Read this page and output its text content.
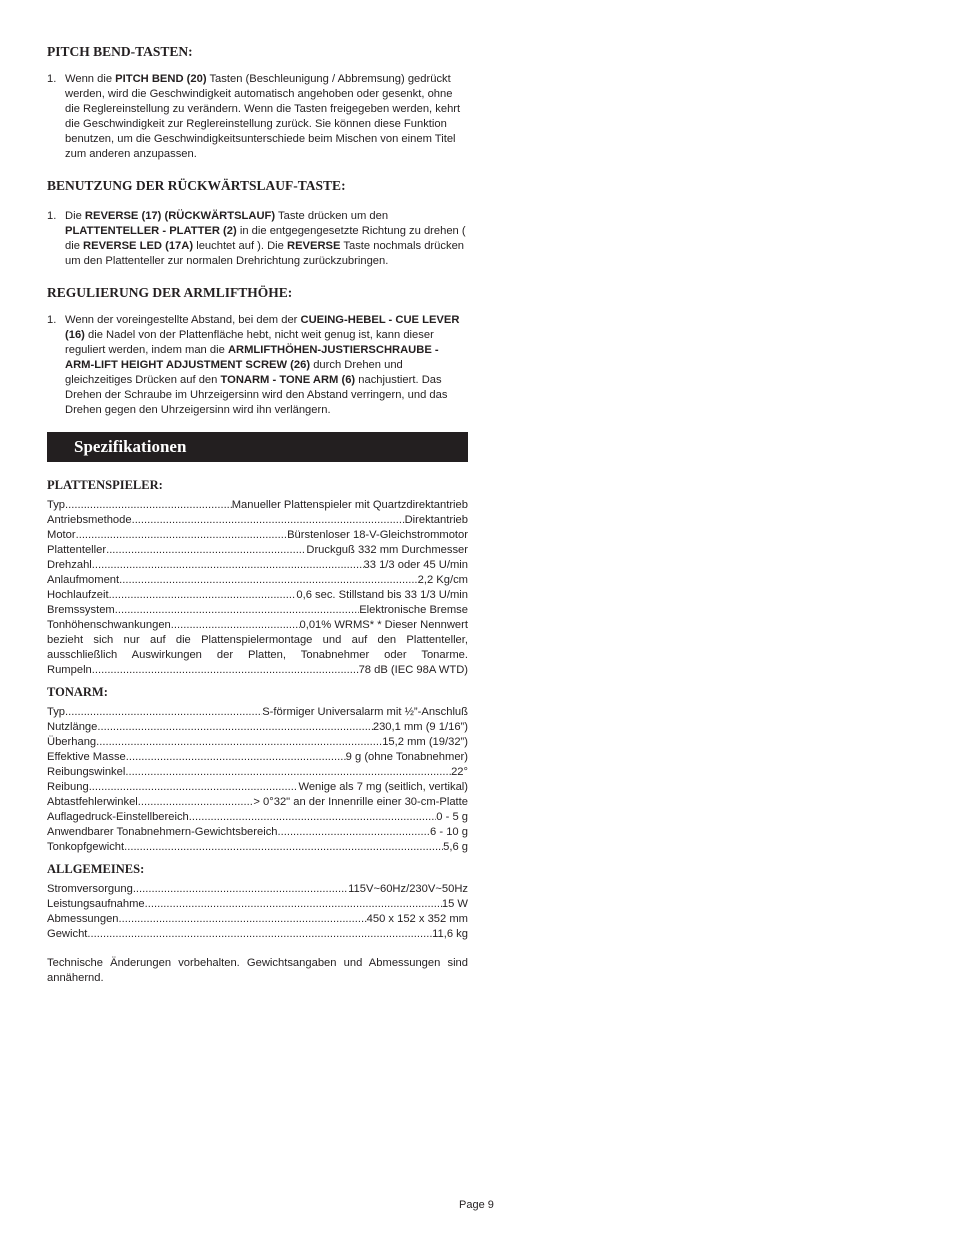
PITCH BEND-TASTEN:

1. Wenn die PITCH BEND (20) Tasten (Beschleunigung / Abbremsung) gedrückt werden, wird die Geschwindigkeit automatisch angehoben oder gesenkt, ohne die Reglereinstellung zu verändern. Wenn die Tasten freigegeben werden, kehrt die Geschwindigkeit zur Reglereinstellung zurück. Sie können diese Funktion benutzen, um die Geschwindigkeitsunterschiede beim Mischen von einem Titel zum anderen anzupassen.

BENUTZUNG DER RÜCKWÄRTSLAUF-TASTE:

1. Die REVERSE (17) (RÜCKWÄRTSLAUF) Taste drücken um den PLATTENTELLER - PLATTER (2) in die entgegengesetzte Richtung zu drehen ( die REVERSE LED (17A) leuchtet auf ). Die REVERSE Taste nochmals drücken um den Plattenteller zur normalen Drehrichtung zurückzubringen.

REGULIERUNG DER ARMLIFTHÖHE:

1. Wenn der voreingestellte Abstand, bei dem der CUEING-HEBEL - CUE LEVER (16) die Nadel von der Plattenfläche hebt, nicht weit genug ist, kann dieser reguliert werden, indem man die ARMLIFTHÖHEN-JUSTIERSCHRAUBE - ARM-LIFT HEIGHT ADJUSTMENT SCREW (26) durch Drehen und gleichzeitiges Drücken auf den TONARM - TONE ARM (6) nachjustiert. Das Drehen der Schraube im Uhrzeigersinn wird den Abstand verringern, und das Drehen gegen den Uhrzeigersinn wird ihn verlängern.

Spezifikationen
PLATTENSPIELER:
Typ .....	Manueller Plattenspieler mit Quartzdirektantrieb
Antriebsmethode .....	Direktantrieb
Motor .....	Bürstenloser 18-V-Gleichstrommotor
Plattenteller .....	Druckguß 332 mm Durchmesser
Drehzahl .....	33 1/3 oder 45 U/min
Anlaufmoment .....	2,2 Kg/cm
Hochlaufzeit .....	0,6 sec. Stillstand bis 33 1/3 U/min
Bremssystem .....	Elektronische Bremse
Tonhöhenschwankungen .....	0,01% WRMS* * Dieser Nennwert
bezieht sich nur auf die Plattenspielermontage und auf den Plattenteller,
ausschließlich Auswirkungen der Platten, Tonabnehmer oder Tonarme.
Rumpeln .....	78 dB (IEC 98A WTD)
TONARM:
Typ .....	S-förmiger Universalarm mit ½”-Anschluß
Nutzlänge .....	230,1 mm (9 1/16”)
Überhang .....	15,2 mm (19/32”)
Effektive Masse .....	9 g (ohne Tonabnehmer)
Reibungswinkel .....	22°
Reibung .....	Wenige als 7 mg (seitlich, vertikal)
Abtastfehlerwinkel .....	> 0°32" an der Innenrille einer 30-cm-Platte
Auflagedruck-Einstellbereich .....	0 - 5 g
Anwendbarer Tonabnehmern-Gewichtsbereich .....	6 - 10 g
Tonkopfgewicht .....	5,6 g
ALLGEMEINES:
Stromversorgung .....	115V~60Hz/230V~50Hz
Leistungsaufnahme .....	15 W
Abmessungen .....	450 x 152 x 352 mm
Gewicht .....	11,6 kg

Technische Änderungen vorbehalten. Gewichtsangaben und Abmessungen sind annähernd.

Page 9
